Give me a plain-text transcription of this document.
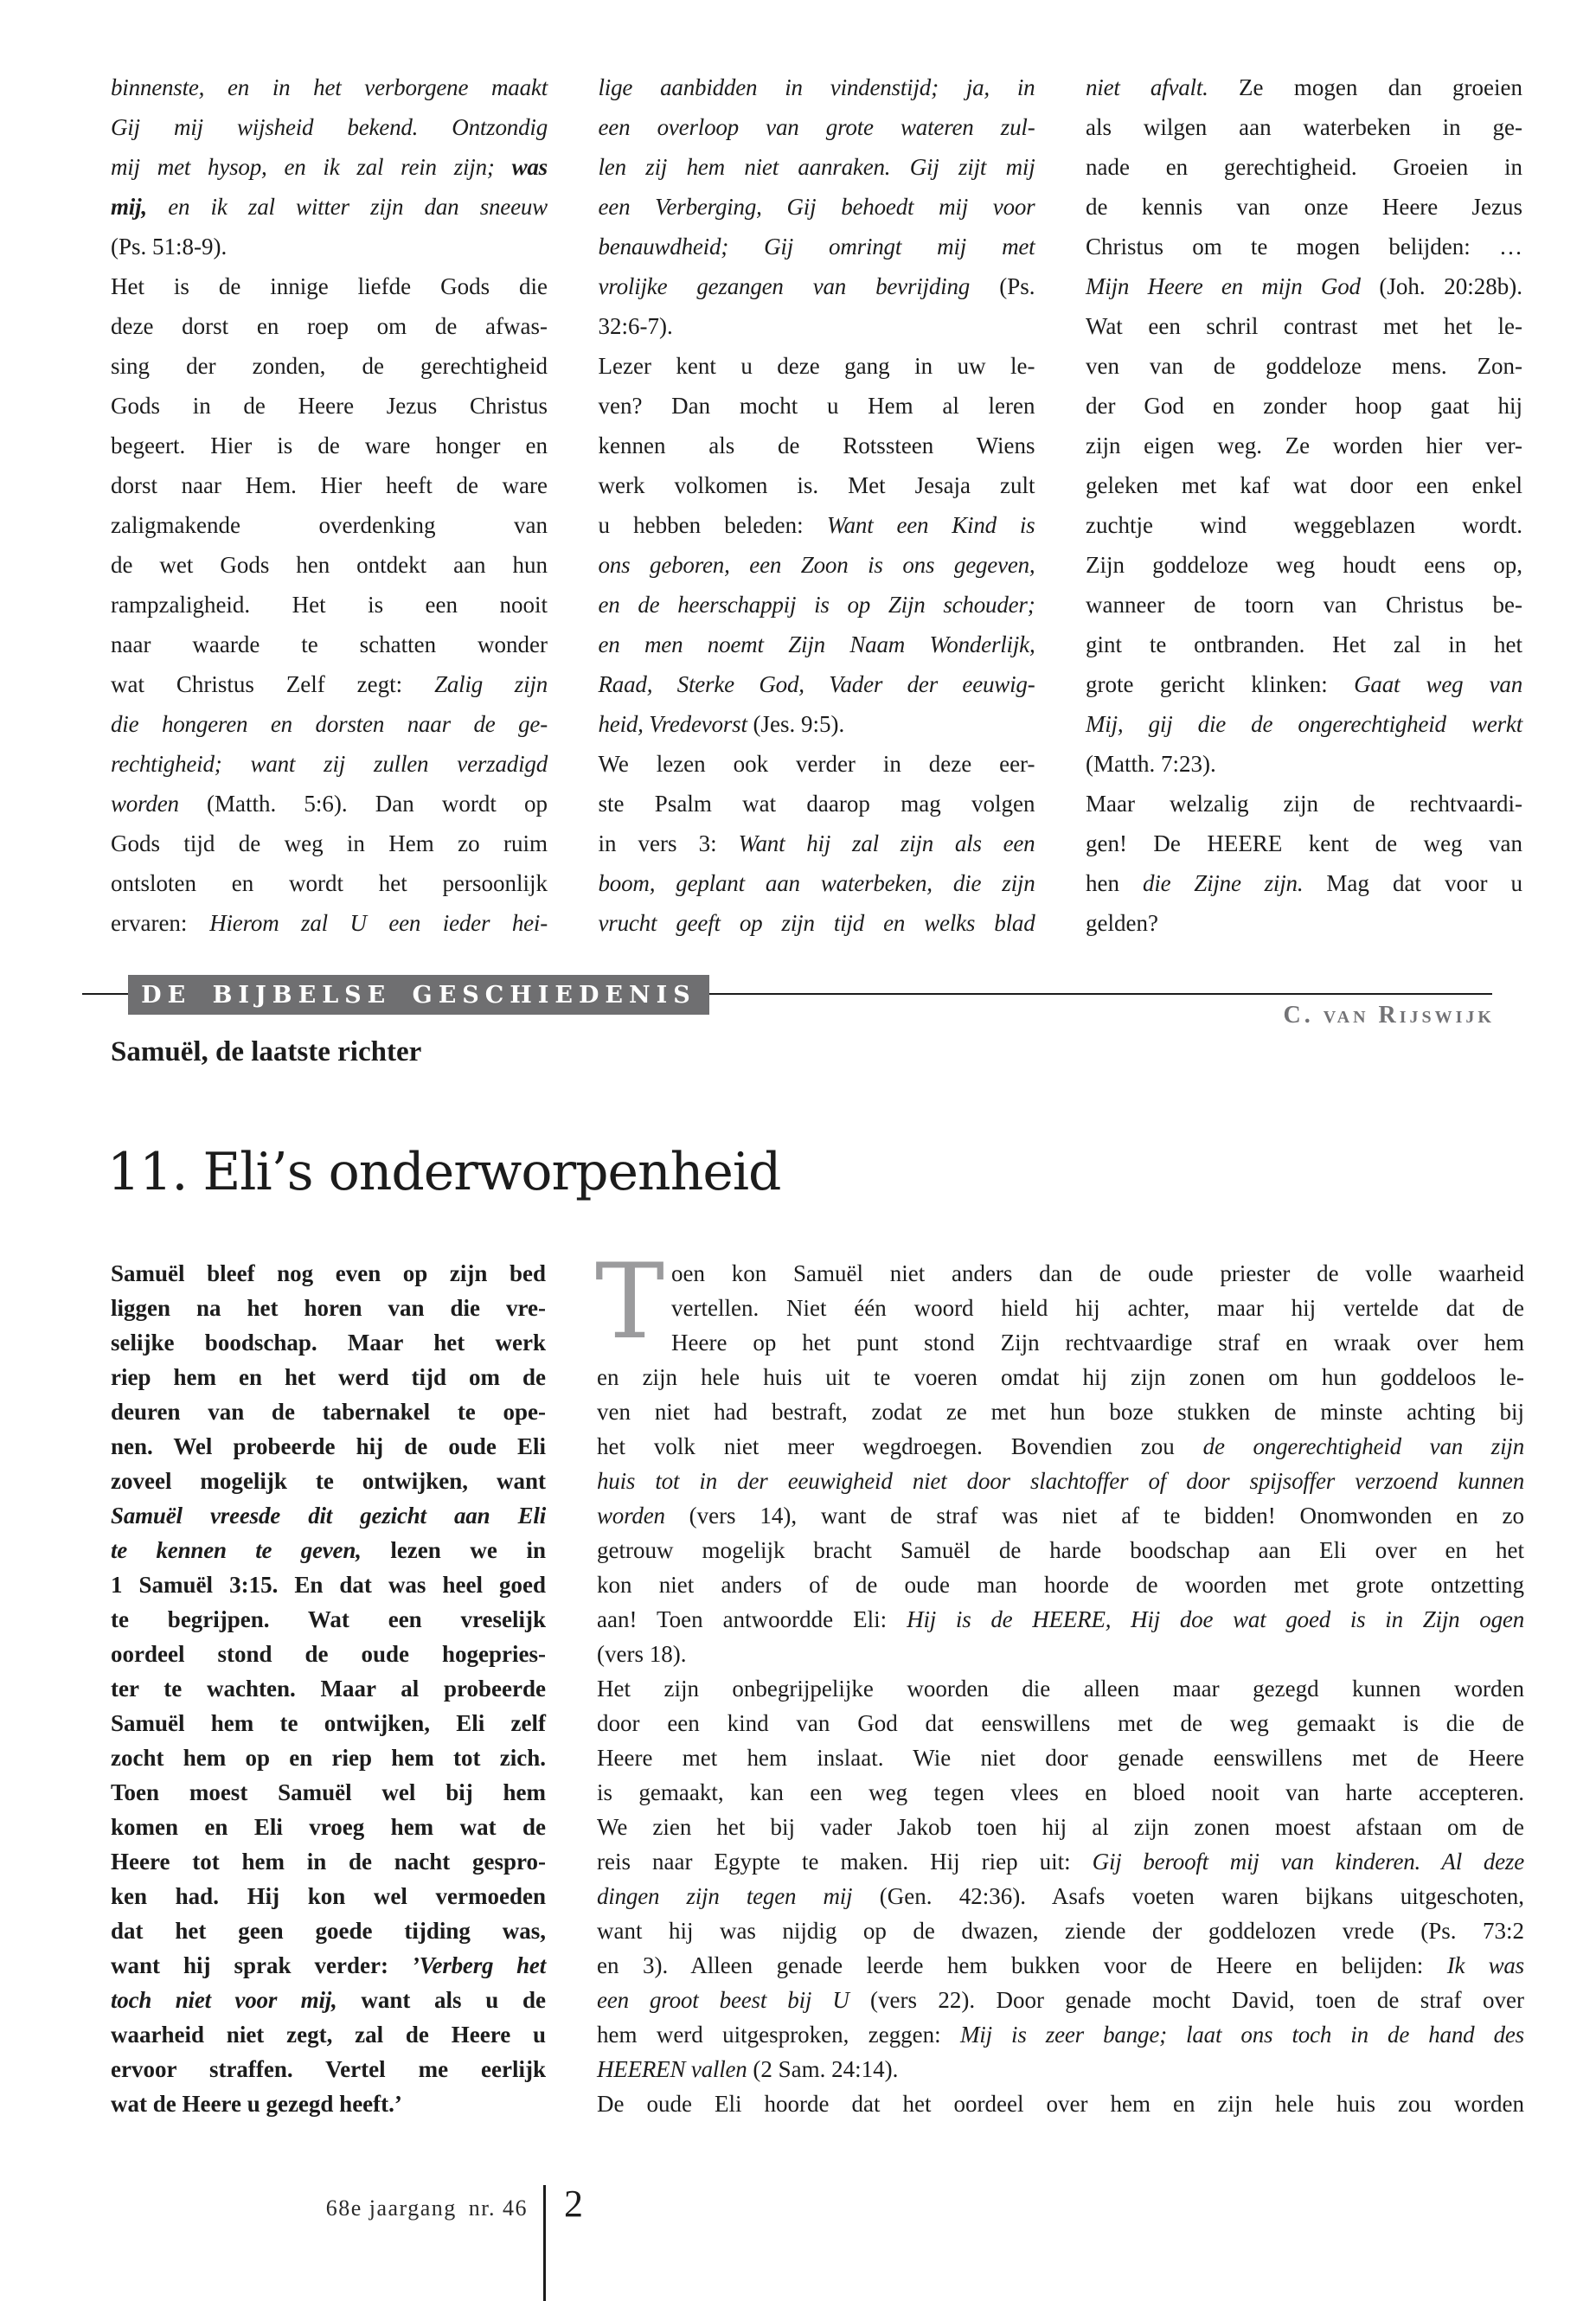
binnenste, en in het verborgene maakt
Gij mij wijsheid bekend. Ontzondig
mij met hysop, en ik zal rein zijn; was
mij, en ik zal witter zijn dan sneeuw
(Ps. 51:8-9).
Het is de innige liefde Gods die
deze dorst en roep om de afwas-
sing der zonden, de gerechtigheid
Gods in de Heere Jezus Christus
begeert. Hier is de ware honger en
dorst naar Hem. Hier heeft de ware
zaligmakende overdenking van
de wet Gods hen ontdekt aan hun
rampzaligheid. Het is een nooit
naar waarde te schatten wonder
wat Christus Zelf zegt: Zalig zijn
die hongeren en dorsten naar de ge-
rechtigheid; want zij zullen verzadigd
worden (Matth. 5:6). Dan wordt op
Gods tijd de weg in Hem zo ruim
ontsloten en wordt het persoonlijk
ervaren: Hierom zal U een ieder hei-
lige aanbidden in vindenstijd; ja, in
een overloop van grote wateren zul-
len zij hem niet aanraken. Gij zijt mij
een Verberging, Gij behoedt mij voor
benauwdheid; Gij omringt mij met
vrolijke gezangen van bevrijding (Ps.
32:6-7).
Lezer kent u deze gang in uw le-
ven? Dan mocht u Hem al leren
kennen als de Rotssteen Wiens
werk volkomen is. Met Jesaja zult
u hebben beleden: Want een Kind is
ons geboren, een Zoon is ons gegeven,
en de heerschappij is op Zijn schouder;
en men noemt Zijn Naam Wonderlijk,
Raad, Sterke God, Vader der eeuwig-
heid, Vredevorst (Jes. 9:5).
We lezen ook verder in deze eer-
ste Psalm wat daarop mag volgen
in vers 3: Want hij zal zijn als een
boom, geplant aan waterbeken, die zijn
vrucht geeft op zijn tijd en welks blad
niet afvalt. Ze mogen dan groeien
als wilgen aan waterbeken in ge-
nade en gerechtigheid. Groeien in
de kennis van onze Heere Jezus
Christus om te mogen belijden: …
Mijn Heere en mijn God (Joh. 20:28b).
Wat een schril contrast met het le-
ven van de goddeloze mens. Zon-
der God en zonder hoop gaat hij
zijn eigen weg. Ze worden hier ver-
geleken met kaf wat door een enkel
zuchtje wind weggeblazen wordt.
Zijn goddeloze weg houdt eens op,
wanneer de toorn van Christus be-
gint te ontbranden. Het zal in het
grote gericht klinken: Gaat weg van
Mij, gij die de ongerechtigheid werkt
(Matth. 7:23).
Maar welzalig zijn de rechtvaardi-
gen! De HEERE kent de weg van
hen die Zijne zijn. Mag dat voor u
gelden?
DE BIJBELSE GESCHIEDENIS
C. van Rijswijk
Samuël, de laatste richter
11. Eli’s onderworpenheid
Samuël bleef nog even op zijn bed
liggen na het horen van die vre-
selijke boodschap. Maar het werk
riep hem en het werd tijd om de
deuren van de tabernakel te ope-
nen. Wel probeerde hij de oude Eli
zoveel mogelijk te ontwijken, want
Samuël vreesde dit gezicht aan Eli
te kennen te geven, lezen we in
1 Samuël 3:15. En dat was heel goed
te begrijpen. Wat een vreselijk
oordeel stond de oude hogepries-
ter te wachten. Maar al probeerde
Samuël hem te ontwijken, Eli zelf
zocht hem op en riep hem tot zich.
Toen moest Samuël wel bij hem
komen en Eli vroeg hem wat de
Heere tot hem in de nacht gespro-
ken had. Hij kon wel vermoeden
dat het geen goede tijding was,
want hij sprak verder: ’Verberg het
toch niet voor mij, want als u de
waarheid niet zegt, zal de Heere u
ervoor straffen. Vertel me eerlijk
wat de Heere u gezegd heeft.’
T oen kon Samuël niet anders dan de oude priester de volle waarheid
vertellen. Niet één woord hield hij achter, maar hij vertelde dat de
Heere op het punt stond Zijn rechtvaardige straf en wraak over hem
en zijn hele huis uit te voeren omdat hij zijn zonen om hun goddeloos le-
ven niet had bestraft, zodat ze met hun boze stukken de minste achting bij
het volk niet meer wegdroegen. Bovendien zou de ongerechtigheid van zijn
huis tot in der eeuwigheid niet door slachtoffer of door spijsoffer verzoend kunnen
worden (vers 14), want de straf was niet af te bidden! Onomwonden en zo
getrouw mogelijk bracht Samuël de harde boodschap aan Eli over en het
kon niet anders of de oude man hoorde de woorden met grote ontzetting
aan! Toen antwoordde Eli: Hij is de HEERE, Hij doe wat goed is in Zijn ogen
(vers 18).
Het zijn onbegrijpelijke woorden die alleen maar gezegd kunnen worden
door een kind van God dat eenswillens met de weg gemaakt is die de
Heere met hem inslaat. Wie niet door genade eenswillens met de Heere
is gemaakt, kan een weg tegen vlees en bloed nooit van harte accepteren.
We zien het bij vader Jakob toen hij al zijn zonen moest afstaan om de
reis naar Egypte te maken. Hij riep uit: Gij berooft mij van kinderen. Al deze
dingen zijn tegen mij (Gen. 42:36). Asafs voeten waren bijkans uitgeschoten,
want hij was nijdig op de dwazen, ziende der goddelozen vrede (Ps. 73:2
en 3). Alleen genade leerde hem bukken voor de Heere en belijden: Ik was
een groot beest bij U (vers 22). Door genade mocht David, toen de straf over
hem werd uitgesproken, zeggen: Mij is zeer bange; laat ons toch in de hand des
HEEREN vallen (2 Sam. 24:14).
De oude Eli hoorde dat het oordeel over hem en zijn hele huis zou worden
68e jaargang nr. 46 2
